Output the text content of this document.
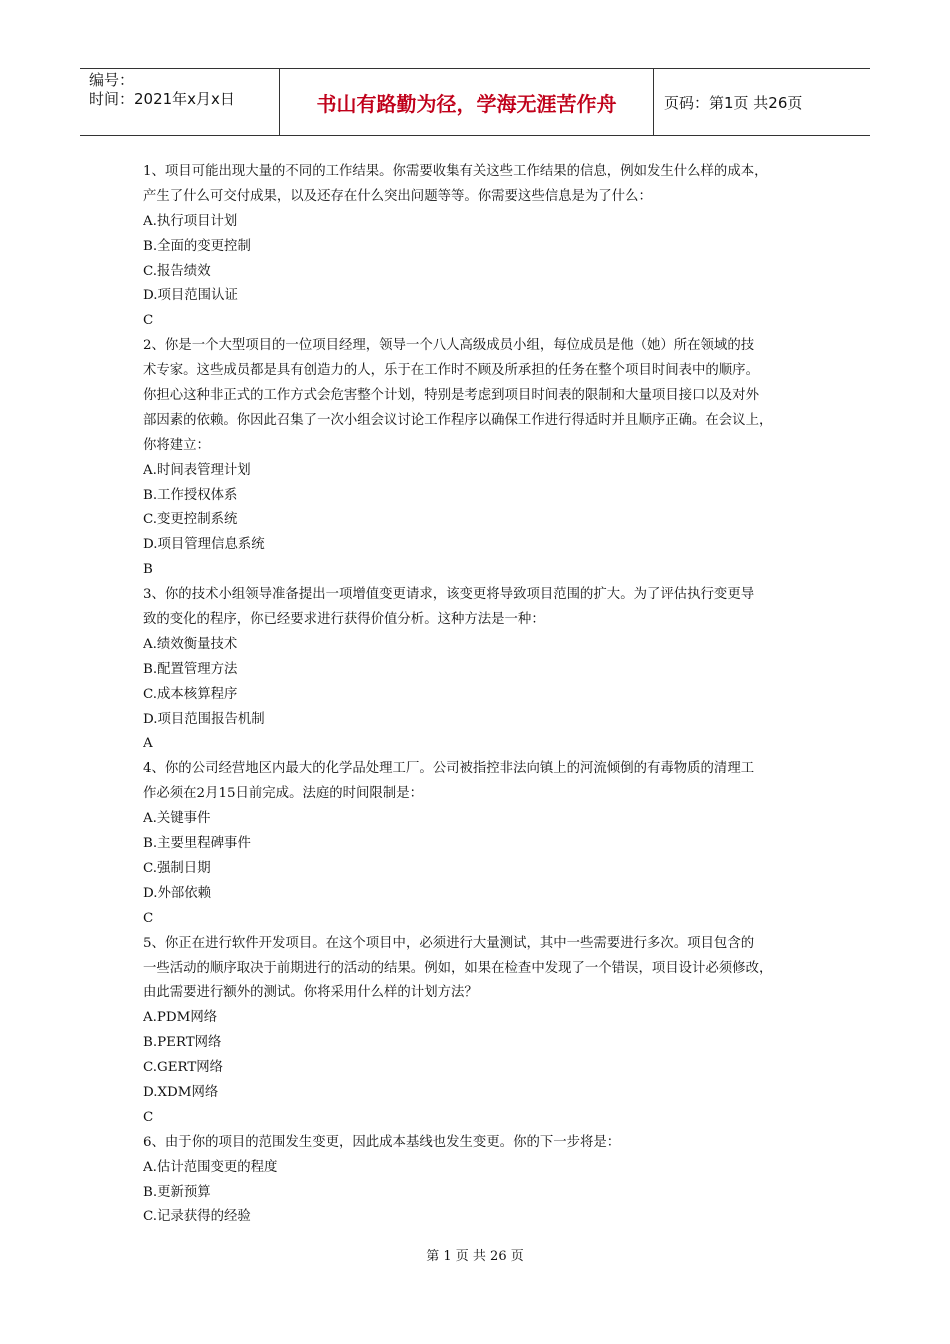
编号：
时间：2021年x月x日	书山有路勤为径，学海无涯苦作舟	页码：第1页 共26页
1、项目可能出现大量的不同的工作结果。你需要收集有关这些工作结果的信息，例如发生什么样的成本，
产生了什么可交付成果，以及还存在什么突出问题等等。你需要这些信息是为了什么：
A.执行项目计划
B.全面的变更控制
C.报告绩效
D.项目范围认证
C
2、你是一个大型项目的一位项目经理，领导一个八人高级成员小组，每位成员是他（她）所在领域的技
术专家。这些成员都是具有创造力的人，乐于在工作时不顾及所承担的任务在整个项目时间表中的顺序。
你担心这种非正式的工作方式会危害整个计划，特别是考虑到项目时间表的限制和大量项目接口以及对外
部因素的依赖。你因此召集了一次小组会议讨论工作程序以确保工作进行得适时并且顺序正确。在会议上，
你将建立：
A.时间表管理计划
B.工作授权体系
C.变更控制系统
D.项目管理信息系统
B
3、你的技术小组领导准备提出一项增值变更请求，该变更将导致项目范围的扩大。为了评估执行变更导
致的变化的程序，你已经要求进行获得价值分析。这种方法是一种：
A.绩效衡量技术
B.配置管理方法
C.成本核算程序
D.项目范围报告机制
A
4、你的公司经营地区内最大的化学品处理工厂。公司被指控非法向镇上的河流倾倒的有毒物质的清理工
作必须在2月15日前完成。法庭的时间限制是：
A.关键事件
B.主要里程碑事件
C.强制日期
D.外部依赖
C
5、你正在进行软件开发项目。在这个项目中，必须进行大量测试，其中一些需要进行多次。项目包含的
一些活动的顺序取决于前期进行的活动的结果。例如，如果在检查中发现了一个错误，项目设计必须修改，
由此需要进行额外的测试。你将采用什么样的计划方法？
A.PDM网络
B.PERT网络
C.GERT网络
D.XDM网络
C
6、由于你的项目的范围发生变更，因此成本基线也发生变更。你的下一步将是：
A.估计范围变更的程度
B.更新预算
C.记录获得的经验
第 1 页 共 26 页
